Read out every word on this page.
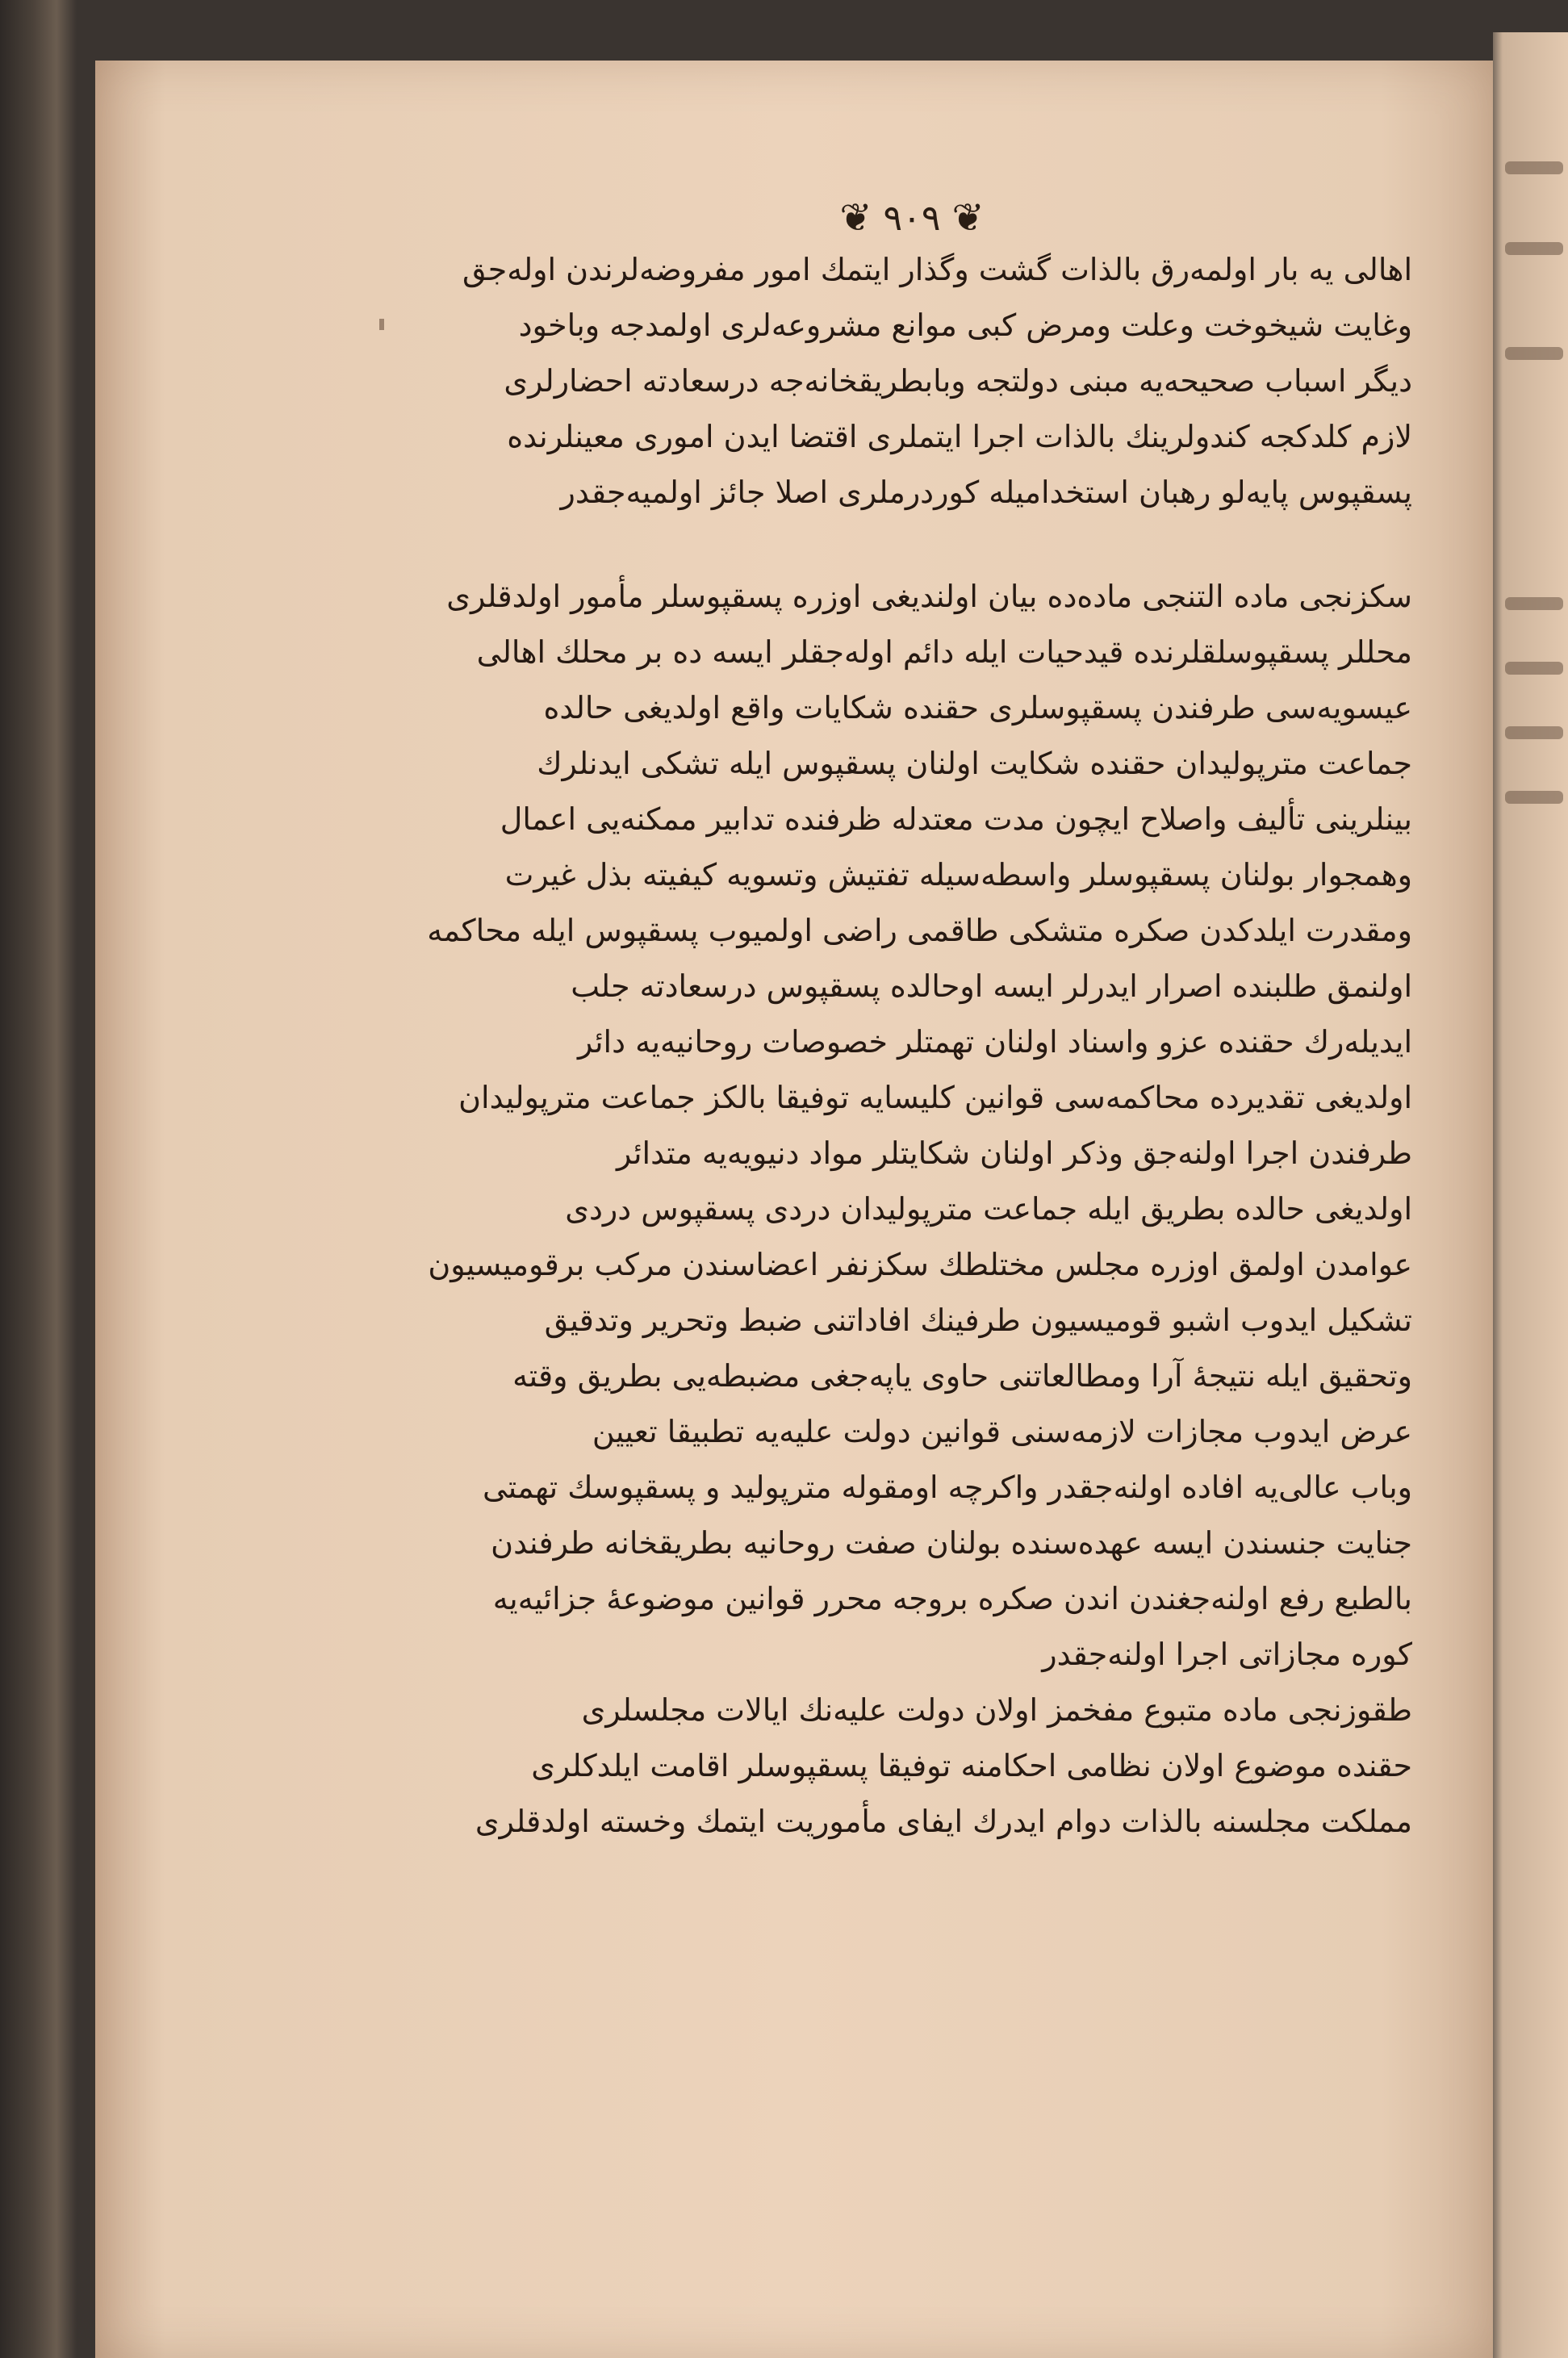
❦ ٩٠٩ ❦
اهالی یه بار اولمه‌رق بالذات گشت وگذار ایتمك امور مفروضه‌لرندن اوله‌جق
وغایت شیخوخت وعلت ومرض کبی موانع مشروعه‌لری اولمدجه وباخود
دیگر اسباب صحیحه‌یه مبنی دولتجه وبابطریقخانه‌جه درسعادته احضارلری
لازم کلدکجه کندولرینك بالذات اجرا ایتملری اقتضا ایدن اموری معینلرنده
پسقپوس پایه‌لو رهبان استخدامیله کوردرملری اصلا جائز اولمیه‌جقدر
سکزنجی ماده التنجی ماده‌ده بیان اولندیغی اوزره پسقپوسلر مأمور اولدقلری
محللر پسقپوسلقلرنده قیدحیات ایله دائم اوله‌جقلر ایسه ده بر محلك اهالی
عیسویه‌سی طرفندن پسقپوسلری حقنده شکایات واقع اولدیغی حالده
جماعت مترپولیدان حقنده شکایت اولنان پسقپوس ایله تشکی ایدنلرك
بینلرینی تألیف واصلاح ایچون مدت معتدله ظرفنده تدابیر ممکنه‌یی اعمال
وهمجوار بولنان پسقپوسلر واسطه‌سیله تفتیش وتسویه کیفیته بذل غیرت
ومقدرت ایلدکدن صکره متشکی طاقمی راضی اولمیوب پسقپوس ایله محاکمه
اولنمق طلبنده اصرار ایدرلر ایسه اوحالده پسقپوس درسعادته جلب
ایدیله‌رك حقنده عزو واسناد اولنان تهمتلر خصوصات روحانیه‌یه دائر
اولدیغی تقدیرده محاکمه‌سی قوانین کلیسایه توفیقا بالکز جماعت مترپولیدان
طرفندن اجرا اولنه‌جق وذکر اولنان شکایتلر مواد دنیویه‌یه متدائر
اولدیغی حالده بطریق ایله جماعت مترپولیدان دردی پسقپوس دردی
عوامدن اولمق اوزره مجلس مختلطك سکزنفر اعضاسندن مرکب برقومیسیون
تشکیل ایدوب اشبو قومیسیون طرفینك افاداتنی ضبط وتحریر وتدقیق
وتحقیق ایله نتیجهٔ آرا ومطالعاتنی حاوی یاپه‌جغی مضبطه‌یی بطریق وقته
عرض ایدوب مجازات لازمه‌سنی قوانین دولت علیه‌یه تطبیقا تعیین
وباب عالی‌یه افاده اولنه‌جقدر واکرچه اومقوله مترپولید و پسقپوسك تهمتی
جنایت جنسندن ایسه عهده‌سنده بولنان صفت روحانیه بطریقخانه طرفندن
بالطبع رفع اولنه‌جغندن اندن صکره بروجه محرر قوانین موضوعهٔ جزائیه‌یه
کوره مجازاتی اجرا اولنه‌جقدر
طقوزنجی ماده متبوع مفخمز اولان دولت علیه‌نك ایالات مجلسلری
حقنده موضوع اولان نظامی احکامنه توفیقا پسقپوسلر اقامت ایلدکلری
مملکت مجلسنه بالذات دوام ایدرك ایفای مأموریت ایتمك وخسته اولدقلری
